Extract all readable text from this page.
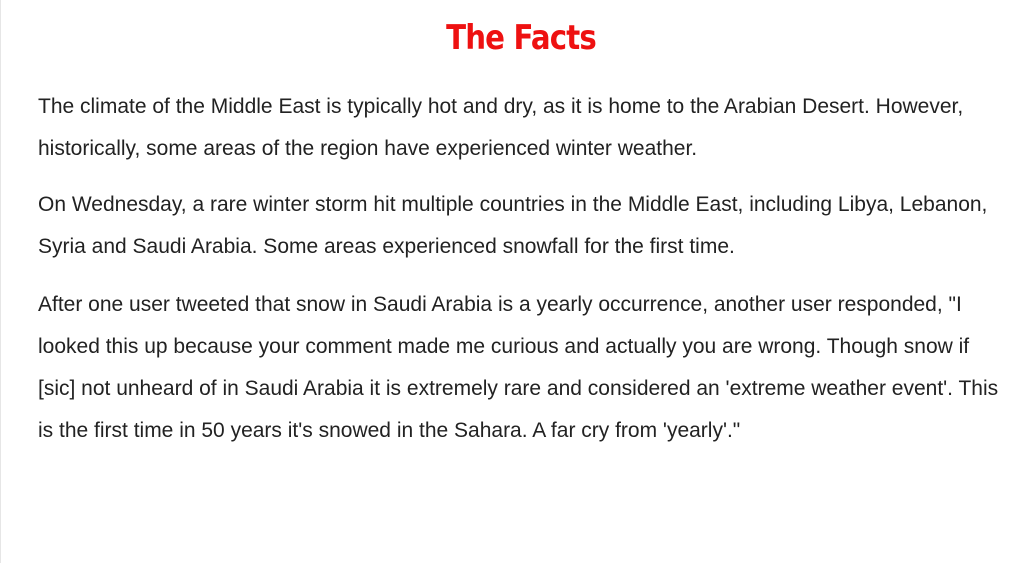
The Facts

The climate of the Middle East is typically hot and dry, as it is home to the Arabian Desert. However, historically, some areas of the region have experienced winter weather.

On Wednesday, a rare winter storm hit multiple countries in the Middle East, including Libya, Lebanon, Syria and Saudi Arabia. Some areas experienced snowfall for the first time.

After one user tweeted that snow in Saudi Arabia is a yearly occurrence, another user responded, "I looked this up because your comment made me curious and actually you are wrong. Though snow if [sic] not unheard of in Saudi Arabia it is extremely rare and considered an 'extreme weather event'. This is the first time in 50 years it's snowed in the Sahara. A far cry from 'yearly'."
